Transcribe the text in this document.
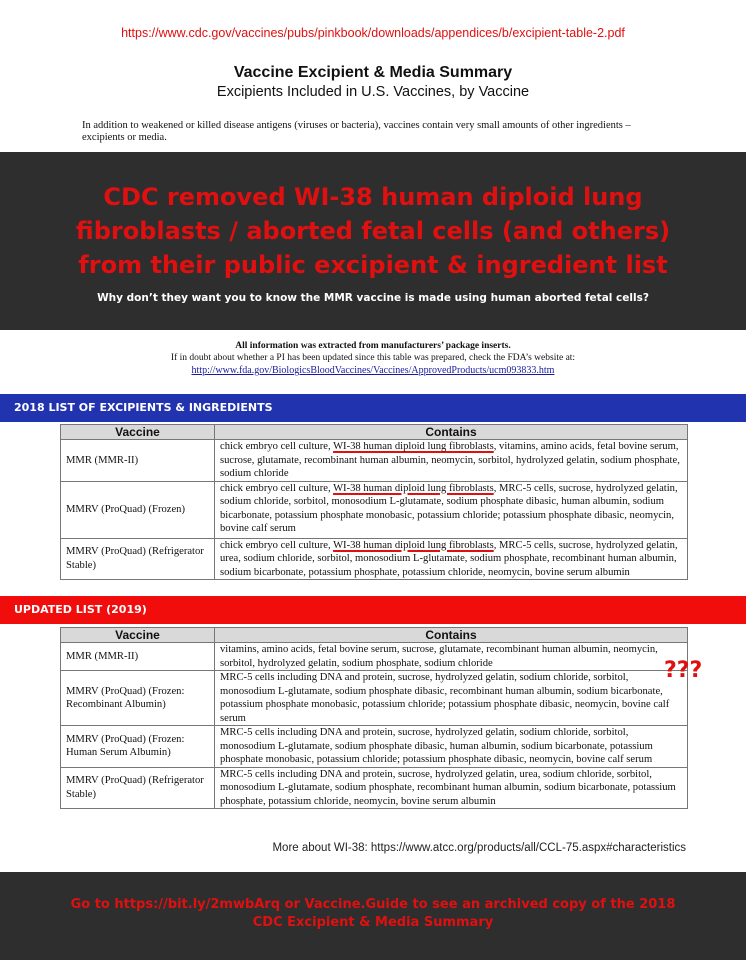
https://www.cdc.gov/vaccines/pubs/pinkbook/downloads/appendices/b/excipient-table-2.pdf
Vaccine Excipient & Media Summary
Excipients Included in U.S. Vaccines, by Vaccine
In addition to weakened or killed disease antigens (viruses or bacteria), vaccines contain very small amounts of other ingredients – excipients or media.
CDC removed WI-38 human diploid lung fibroblasts / aborted fetal cells (and others) from their public excipient & ingredient list
Why don’t they want you to know the MMR vaccine is made using human aborted fetal cells?
All information was extracted from manufacturers’ package inserts.
If in doubt about whether a PI has been updated since this table was prepared, check the FDA’s website at:
http://www.fda.gov/BiologicsBloodVaccines/Vaccines/ApprovedProducts/ucm093833.htm
2018 LIST OF EXCIPIENTS & INGREDIENTS
Vaccine	Contains
MMR (MMR-II)	chick embryo cell culture, WI-38 human diploid lung fibroblasts, vitamins, amino acids, fetal bovine serum, sucrose, glutamate, recombinant human albumin, neomycin, sorbitol, hydrolyzed gelatin, sodium phosphate, sodium chloride
MMRV (ProQuad) (Frozen)	chick embryo cell culture, WI-38 human diploid lung fibroblasts, MRC-5 cells, sucrose, hydrolyzed gelatin, sodium chloride, sorbitol, monosodium L-glutamate, sodium phosphate dibasic, human albumin, sodium bicarbonate, potassium phosphate monobasic, potassium chloride; potassium phosphate dibasic, neomycin, bovine calf serum
MMRV (ProQuad) (Refrigerator Stable)	chick embryo cell culture, WI-38 human diploid lung fibroblasts, MRC-5 cells, sucrose, hydrolyzed gelatin, urea, sodium chloride, sorbitol, monosodium L-glutamate, sodium phosphate, recombinant human albumin, sodium bicarbonate, potassium phosphate, potassium chloride, neomycin, bovine serum albumin
UPDATED LIST (2019)
Vaccine	Contains
MMR (MMR-II)	vitamins, amino acids, fetal bovine serum, sucrose, glutamate, recombinant human albumin, neomycin, sorbitol, hydrolyzed gelatin, sodium phosphate, sodium chloride
MMRV (ProQuad) (Frozen: Recombinant Albumin)	MRC-5 cells including DNA and protein, sucrose, hydrolyzed gelatin, sodium chloride, sorbitol, monosodium L-glutamate, sodium phosphate dibasic, recombinant human albumin, sodium bicarbonate, potassium phosphate monobasic, potassium chloride; potassium phosphate dibasic, neomycin, bovine calf serum
MMRV (ProQuad) (Frozen: Human Serum Albumin)	MRC-5 cells including DNA and protein, sucrose, hydrolyzed gelatin, sodium chloride, sorbitol, monosodium L-glutamate, sodium phosphate dibasic, human albumin, sodium bicarbonate, potassium phosphate monobasic, potassium chloride; potassium phosphate dibasic, neomycin, bovine calf serum
MMRV (ProQuad) (Refrigerator Stable)	MRC-5 cells including DNA and protein, sucrose, hydrolyzed gelatin, urea, sodium chloride, sorbitol, monosodium L-glutamate, sodium phosphate, recombinant human albumin, sodium bicarbonate, potassium phosphate, potassium chloride, neomycin, bovine serum albumin
???
More about WI-38: https://www.atcc.org/products/all/CCL-75.aspx#characteristics
Go to https://bit.ly/2mwbArq or Vaccine.Guide to see an archived copy of the 2018 CDC Excipient & Media Summary
